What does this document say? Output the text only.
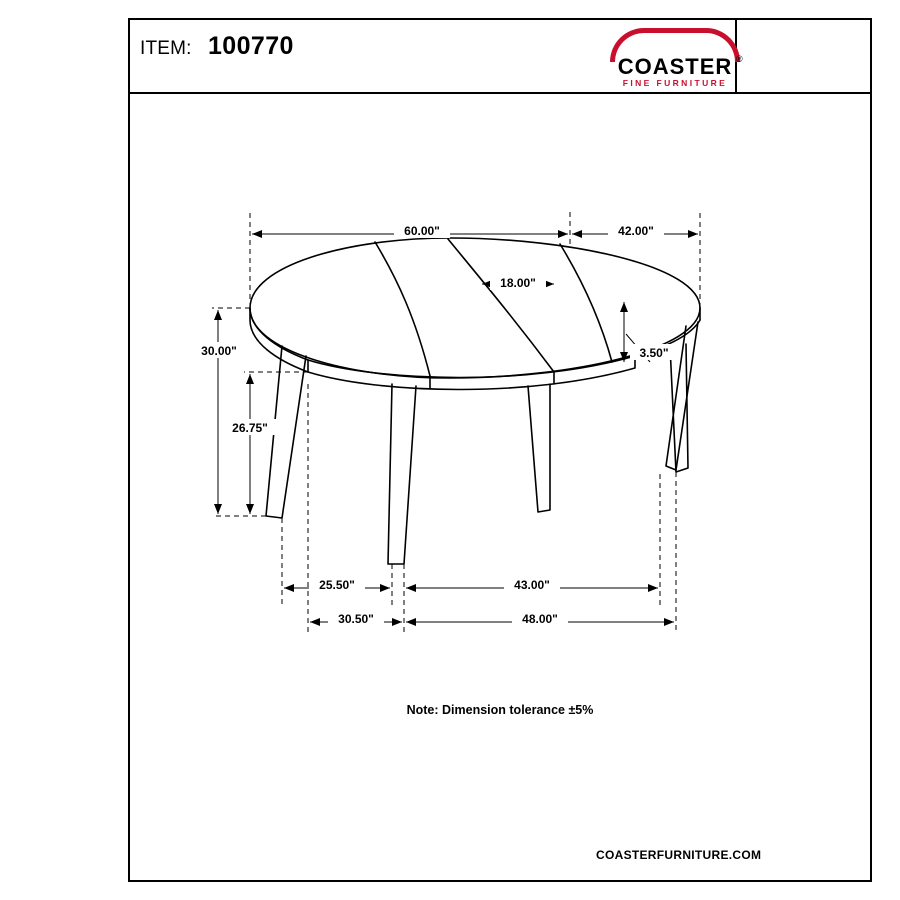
ITEM: 100770
COASTER ®
FINE FURNITURE
60.00"	42.00"
18.00"
3.50"
30.00"
26.75"
25.50"	43.00"
30.50"	48.00"
Note: Dimension tolerance ±5%　
COASTERFURNITURE.COM
